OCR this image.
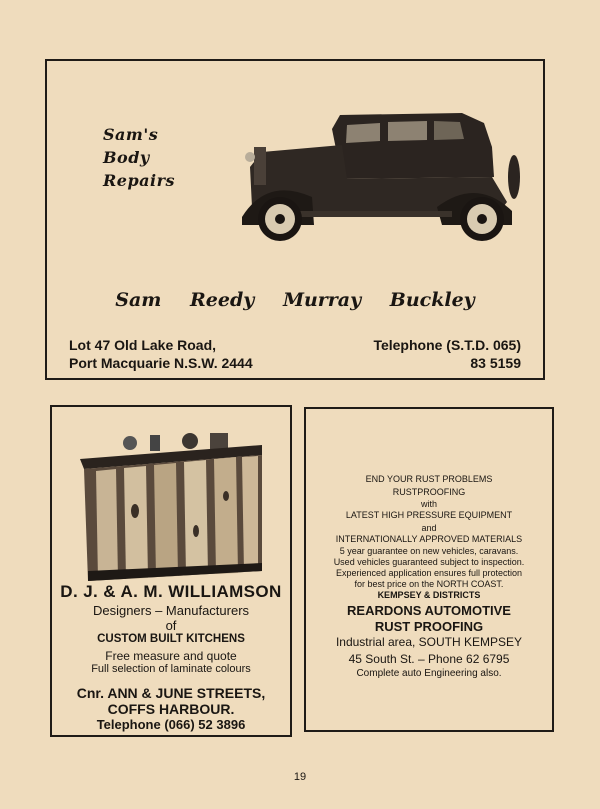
Sam's
Body
Repairs
Sam Reedy Murray Buckley
Lot 47 Old Lake Road,
Port Macquarie N.S.W. 2444
Telephone (S.T.D. 065)
83 5159
D. J. & A. M. WILLIAMSON
Designers – Manufacturers
of
CUSTOM BUILT KITCHENS
Free measure and quote
Full selection of laminate colours
Cnr. ANN & JUNE STREETS,
COFFS HARBOUR.
Telephone (066) 52 3896
END YOUR RUST PROBLEMS
RUSTPROOFING
with
LATEST HIGH PRESSURE EQUIPMENT
and
INTERNATIONALLY APPROVED MATERIALS
5 year guarantee on new vehicles, caravans.
Used vehicles guaranteed subject to inspection.
Experienced application ensures full protection
for best price on the NORTH COAST.
KEMPSEY & DISTRICTS
REARDONS AUTOMOTIVE
RUST PROOFING
Industrial area, SOUTH KEMPSEY
45 South St. – Phone 62 6795
Complete auto Engineering also.
19
